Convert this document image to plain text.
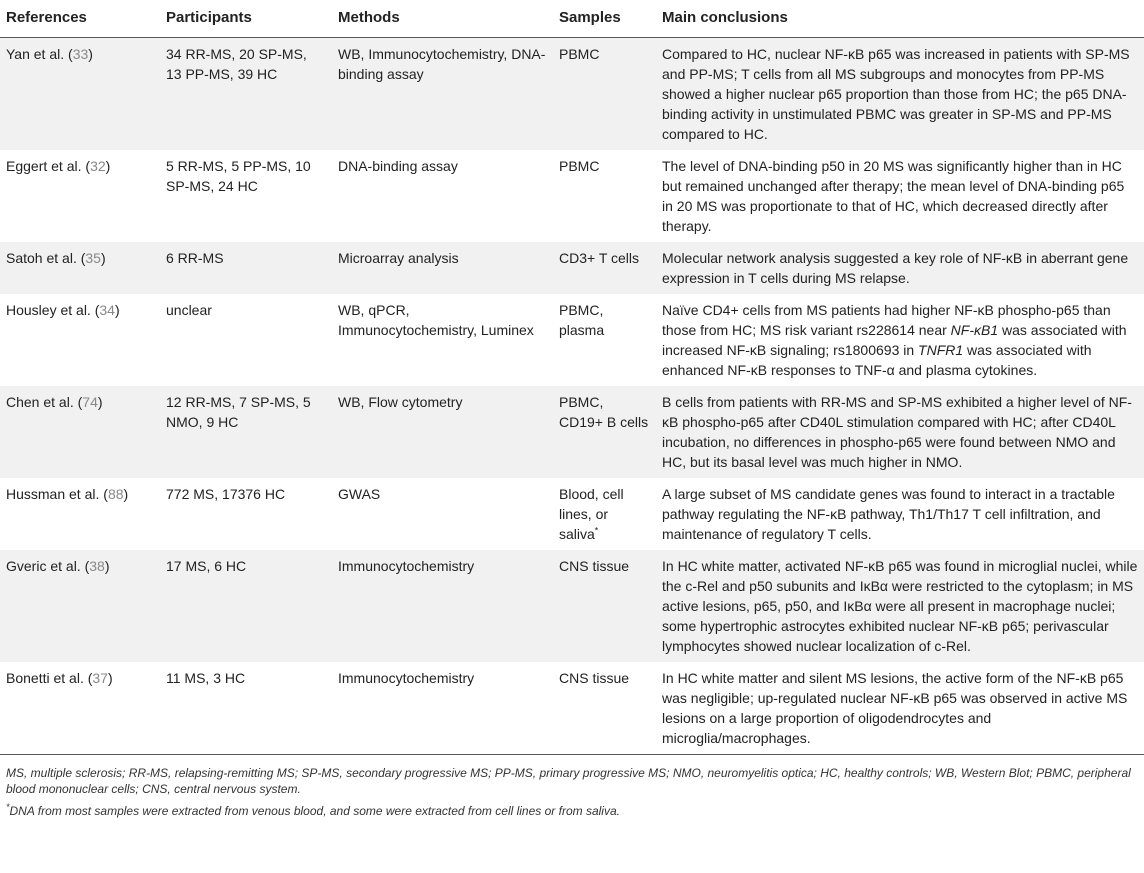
References	Participants	Methods	Samples	Main conclusions
Yan et al. (33)	34 RR-MS, 20 SP-MS, 13 PP-MS, 39 HC	WB, Immunocytochemistry, DNA-binding assay	PBMC	Compared to HC, nuclear NF-κB p65 was increased in patients with SP-MS and PP-MS; T cells from all MS subgroups and monocytes from PP-MS showed a higher nuclear p65 proportion than those from HC; the p65 DNA-binding activity in unstimulated PBMC was greater in SP-MS and PP-MS compared to HC.
Eggert et al. (32)	5 RR-MS, 5 PP-MS, 10 SP-MS, 24 HC	DNA-binding assay	PBMC	The level of DNA-binding p50 in 20 MS was significantly higher than in HC but remained unchanged after therapy; the mean level of DNA-binding p65 in 20 MS was proportionate to that of HC, which decreased directly after therapy.
Satoh et al. (35)	6 RR-MS	Microarray analysis	CD3+ T cells	Molecular network analysis suggested a key role of NF-κB in aberrant gene expression in T cells during MS relapse.
Housley et al. (34)	unclear	WB, qPCR, Immunocytochemistry, Luminex	PBMC, plasma	Naïve CD4+ cells from MS patients had higher NF-κB phospho-p65 than those from HC; MS risk variant rs228614 near NF-κB1 was associated with increased NF-κB signaling; rs1800693 in TNFR1 was associated with enhanced NF-κB responses to TNF-α and plasma cytokines.
Chen et al. (74)	12 RR-MS, 7 SP-MS, 5 NMO, 9 HC	WB, Flow cytometry	PBMC, CD19+ B cells	B cells from patients with RR-MS and SP-MS exhibited a higher level of NF-κB phospho-p65 after CD40L stimulation compared with HC; after CD40L incubation, no differences in phospho-p65 were found between NMO and HC, but its basal level was much higher in NMO.
Hussman et al. (88)	772 MS, 17376 HC	GWAS	Blood, cell lines, or saliva*	A large subset of MS candidate genes was found to interact in a tractable pathway regulating the NF-κB pathway, Th1/Th17 T cell infiltration, and maintenance of regulatory T cells.
Gveric et al. (38)	17 MS, 6 HC	Immunocytochemistry	CNS tissue	In HC white matter, activated NF-κB p65 was found in microglial nuclei, while the c-Rel and p50 subunits and IκBα were restricted to the cytoplasm; in MS active lesions, p65, p50, and IκBα were all present in macrophage nuclei; some hypertrophic astrocytes exhibited nuclear NF-κB p65; perivascular lymphocytes showed nuclear localization of c-Rel.
Bonetti et al. (37)	11 MS, 3 HC	Immunocytochemistry	CNS tissue	In HC white matter and silent MS lesions, the active form of the NF-κB p65 was negligible; up-regulated nuclear NF-κB p65 was observed in active MS lesions on a large proportion of oligodendrocytes and microglia/macrophages.

MS, multiple sclerosis; RR-MS, relapsing-remitting MS; SP-MS, secondary progressive MS; PP-MS, primary progressive MS; NMO, neuromyelitis optica; HC, healthy controls; WB, Western Blot; PBMC, peripheral blood mononuclear cells; CNS, central nervous system.

*DNA from most samples were extracted from venous blood, and some were extracted from cell lines or from saliva.
